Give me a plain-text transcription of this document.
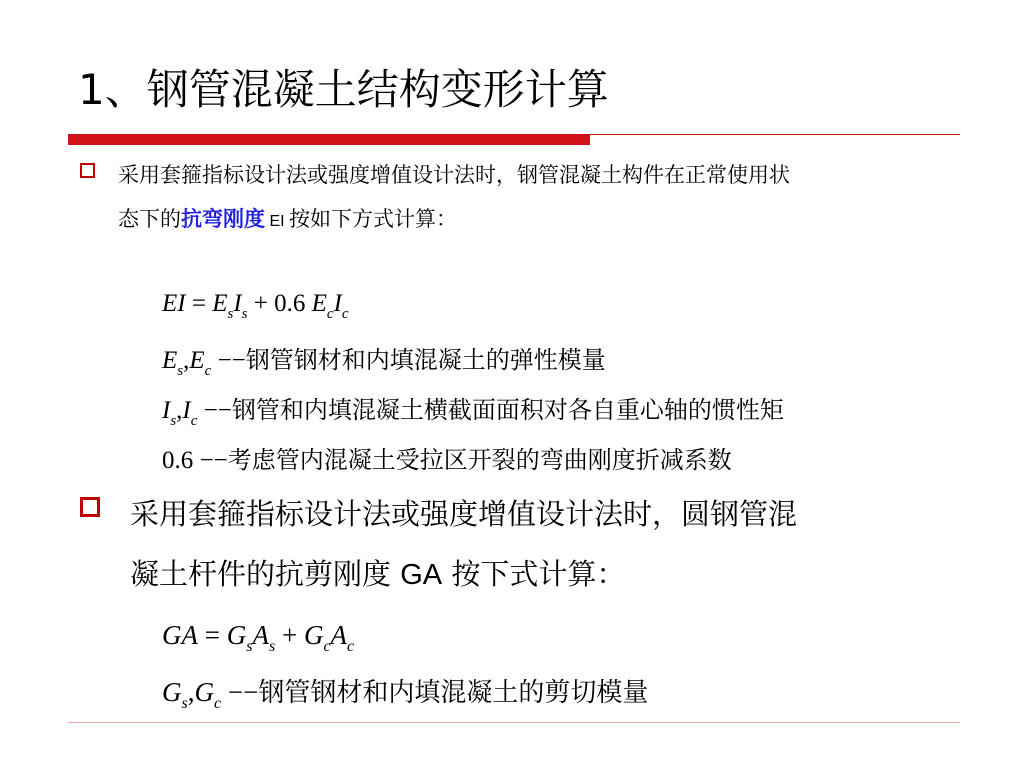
1、钢管混凝土结构变形计算
采用套箍指标设计法或强度增值设计法时，钢管混凝土构件在正常使用状
态下的抗弯刚度 EI 按如下方式计算：
EI = $E_sI_s + 0.6$ $E_cI_c$
$E_s,E_c$ −−钢管钢材和内填混凝土的弹性模量
$I_s,I_c$ −−钢管和内填混凝土横截面面积对各自重心轴的惯性矩
0.6 −−考虑管内混凝土受拉区开裂的弯曲刚度折减系数
采用套箍指标设计法或强度增值设计法时，圆钢管混
凝土杆件的抗剪刚度 GA 按下式计算：
GA = $G_sA_s + G_cA_c$
$G_s,G_c$ −−钢管钢材和内填混凝土的剪切模量
